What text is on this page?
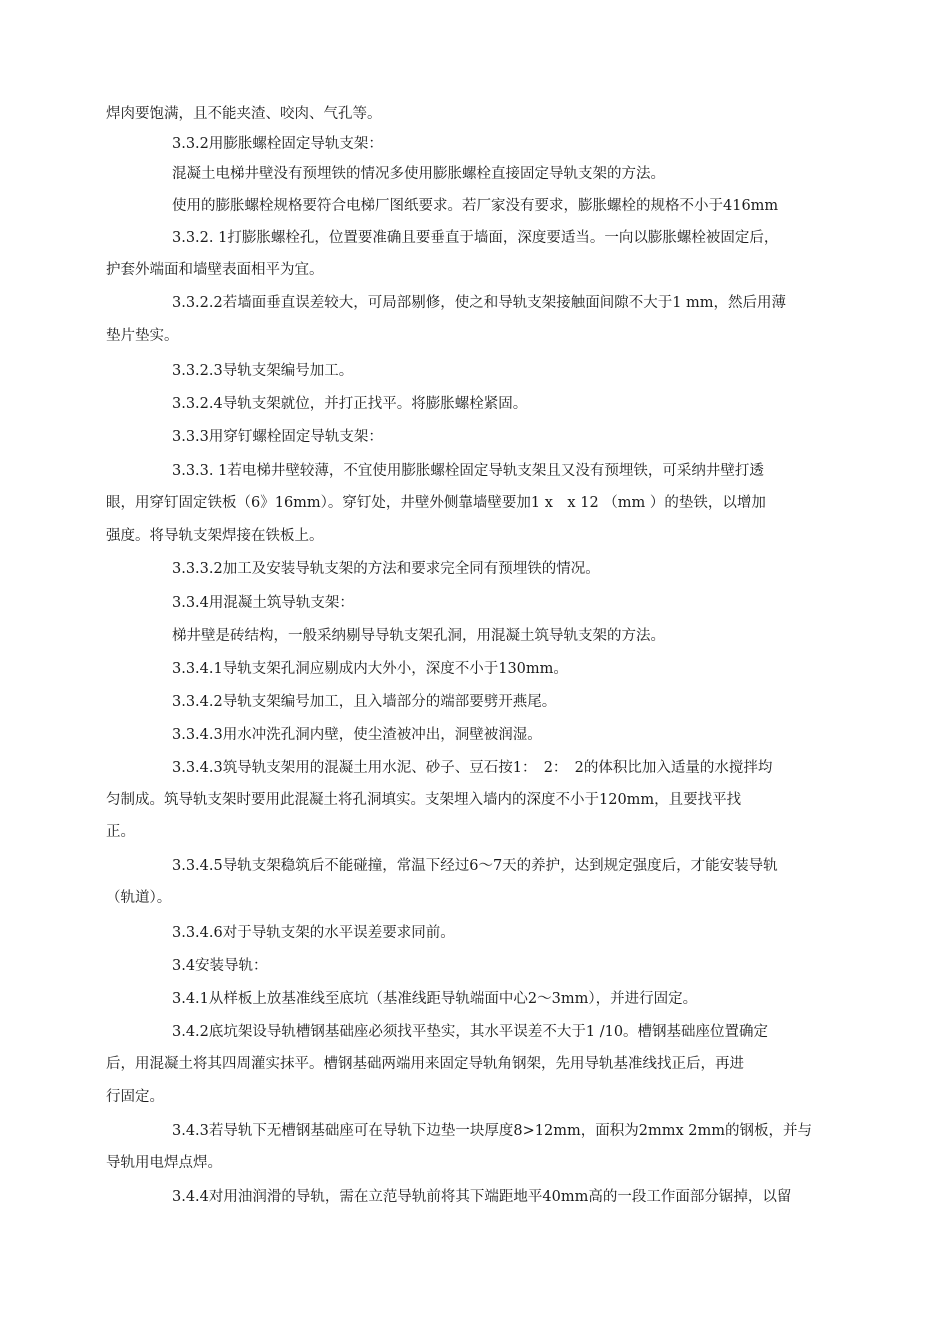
焊肉要饱满，且不能夹渣、咬肉、气孔等。
3.3.2用膨胀螺栓固定导轨支架：
混凝土电梯井壁没有预埋铁的情况多使用膨胀螺栓直接固定导轨支架的方法。
使用的膨胀螺栓规格要符合电梯厂图纸要求。若厂家没有要求，膨胀螺栓的规格不小于416mm
3.3.2. 1打膨胀螺栓孔，位置要准确且要垂直于墙面，深度要适当。一向以膨胀螺栓被固定后，
护套外端面和墙壁表面相平为宜。
3.3.2.2若墙面垂直误差较大，可局部剔修，使之和导轨支架接触面间隙不大于1 mm，然后用薄
垫片垫实。
3.3.2.3导轨支架编号加工。
3.3.2.4导轨支架就位，并打正找平。将膨胀螺栓紧固。
3.3.3用穿钉螺栓固定导轨支架：
3.3.3. 1若电梯井壁较薄，不宜使用膨胀螺栓固定导轨支架且又没有预埋铁，可采纳井壁打透
眼，用穿钉固定铁板（6》16mm）。穿钉处，井壁外侧靠墙壁要加1 x　x 12 （mm ）的垫铁，以增加
强度。将导轨支架焊接在铁板上。
3.3.3.2加工及安装导轨支架的方法和要求完全同有预埋铁的情况。
3.3.4用混凝土筑导轨支架：
梯井壁是砖结构，一般采纳剔导导轨支架孔洞，用混凝土筑导轨支架的方法。
3.3.4.1导轨支架孔洞应剔成内大外小，深度不小于130mm。
3.3.4.2导轨支架编号加工，且入墙部分的端部要劈开燕尾。
3.3.4.3用水冲洗孔洞内壁，使尘渣被冲出，洞壁被润湿。
3.3.4.3筑导轨支架用的混凝土用水泥、砂子、豆石按1：　2：　2的体积比加入适量的水搅拌均
匀制成。筑导轨支架时要用此混凝土将孔洞填实。支架埋入墙内的深度不小于120mm，且要找平找
正。
3.3.4.5导轨支架稳筑后不能碰撞，常温下经过6〜7天的养护，达到规定强度后，才能安装导轨
（轨道）。
3.3.4.6对于导轨支架的水平误差要求同前。
3.4安装导轨：
3.4.1从样板上放基准线至底坑（基准线距导轨端面中心2〜3mm），并进行固定。
3.4.2底坑架设导轨槽钢基础座必须找平垫实，其水平误差不大于1 /10。槽钢基础座位置确定
后，用混凝土将其四周灌实抹平。槽钢基础两端用来固定导轨角钢架，先用导轨基准线找正后，再进
行固定。
3.4.3若导轨下无槽钢基础座可在导轨下边垫一块厚度8>12mm，面积为2mmx 2mm的钢板，并与
导轨用电焊点焊。
3.4.4对用油润滑的导轨，需在立范导轨前将其下端距地平40mm高的一段工作面部分锯掉，以留
